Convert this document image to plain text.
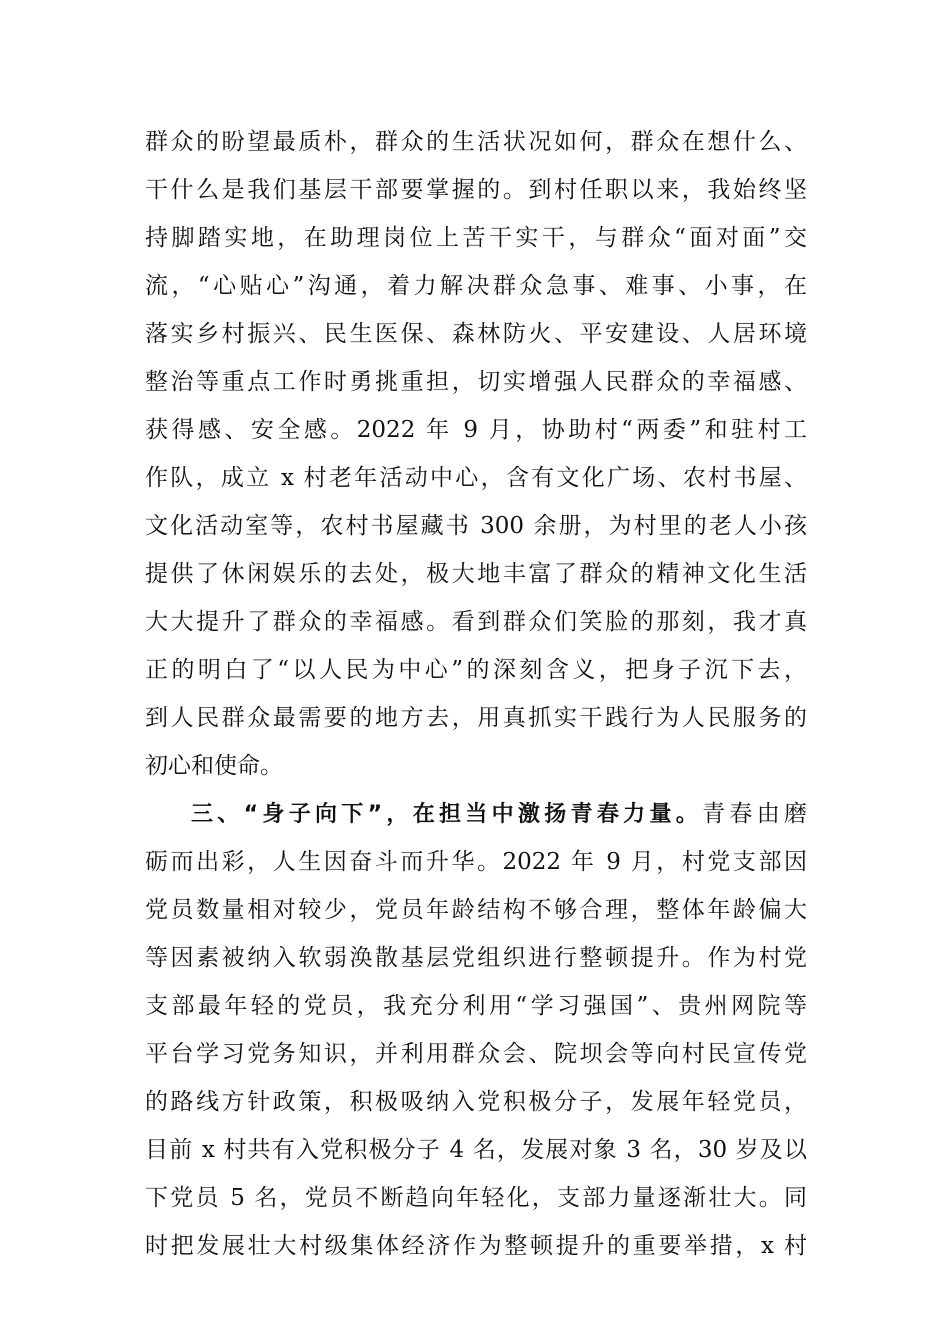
群众的盼望最质朴，群众的生活状况如何，群众在想什么、
干什么是我们基层干部要掌握的。到村任职以来，我始终坚
持脚踏实地，在助理岗位上苦干实干，与群众“面对面”交
流，“心贴心”沟通，着力解决群众急事、难事、小事，在
落实乡村振兴、民生医保、森林防火、平安建设、人居环境
整治等重点工作时勇挑重担，切实增强人民群众的幸福感、
获得感、安全感。2022 年 9 月，协助村“两委”和驻村工
作队，成立 x 村老年活动中心，含有文化广场、农村书屋、
文化活动室等，农村书屋藏书 300 余册，为村里的老人小孩
提供了休闲娱乐的去处，极大地丰富了群众的精神文化生活
大大提升了群众的幸福感。看到群众们笑脸的那刻，我才真
正的明白了“以人民为中心”的深刻含义，把身子沉下去，
到人民群众最需要的地方去，用真抓实干践行为人民服务的
初心和使命。
三、“身子向下”，在担当中激扬青春力量。青春由磨
砺而出彩，人生因奋斗而升华。2022 年 9 月，村党支部因
党员数量相对较少，党员年龄结构不够合理，整体年龄偏大
等因素被纳入软弱涣散基层党组织进行整顿提升。作为村党
支部最年轻的党员，我充分利用“学习强国”、贵州网院等
平台学习党务知识，并利用群众会、院坝会等向村民宣传党
的路线方针政策，积极吸纳入党积极分子，发展年轻党员，
目前 x 村共有入党积极分子 4 名，发展对象 3 名，30 岁及以
下党员 5 名，党员不断趋向年轻化，支部力量逐渐壮大。同
时把发展壮大村级集体经济作为整顿提升的重要举措，x 村
